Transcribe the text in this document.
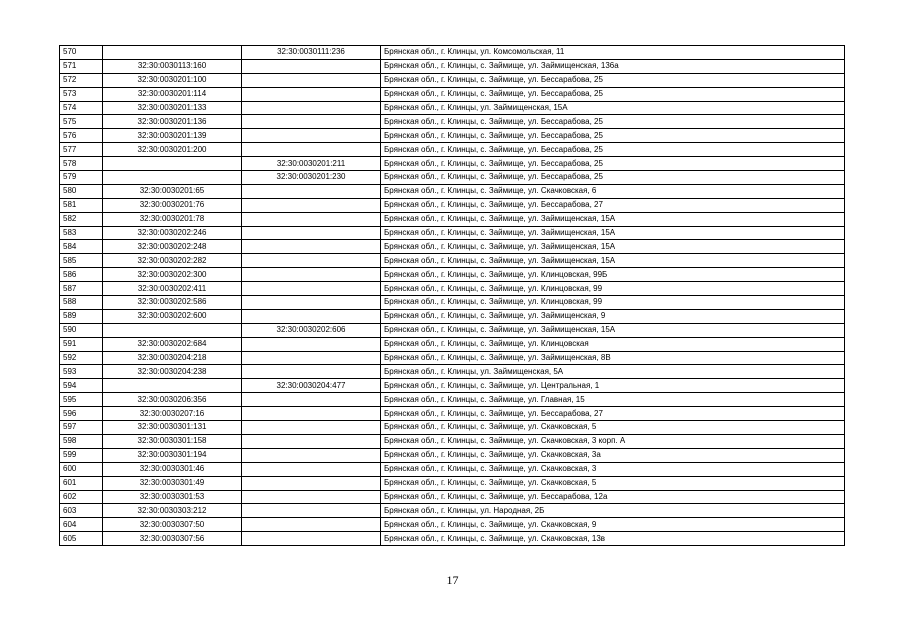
570		32:30:0030111:236	Брянская обл., г. Клинцы, ул. Комсомольская, 11
571	32:30:0030113:160		Брянская обл., г. Клинцы, с. Займище, ул. Займищенская, 136а
572	32:30:0030201:100		Брянская обл., г. Клинцы, с. Займище, ул. Бессарабова, 25
573	32:30:0030201:114		Брянская обл., г. Клинцы, с. Займище, ул. Бессарабова, 25
574	32:30:0030201:133		Брянская обл., г. Клинцы, ул. Займищенская, 15А
575	32:30:0030201:136		Брянская обл., г. Клинцы, с. Займище, ул. Бессарабова, 25
576	32:30:0030201:139		Брянская обл., г. Клинцы, с. Займище, ул. Бессарабова, 25
577	32:30:0030201:200		Брянская обл., г. Клинцы, с. Займище, ул. Бессарабова, 25
578		32:30:0030201:211	Брянская обл., г. Клинцы, с. Займище, ул. Бессарабова, 25
579		32:30:0030201:230	Брянская обл., г. Клинцы, с. Займище, ул. Бессарабова, 25
580	32:30:0030201:65		Брянская обл., г. Клинцы, с. Займище, ул. Скачковская, 6
581	32:30:0030201:76		Брянская обл., г. Клинцы, с. Займище, ул. Бессарабова, 27
582	32:30:0030201:78		Брянская обл., г. Клинцы, с. Займище, ул. Займищенская, 15А
583	32:30:0030202:246		Брянская обл., г. Клинцы, с. Займище, ул. Займищенская, 15А
584	32:30:0030202:248		Брянская обл., г. Клинцы, с. Займище, ул. Займищенская, 15А
585	32:30:0030202:282		Брянская обл., г. Клинцы, с. Займище, ул. Займищенская, 15А
586	32:30:0030202:300		Брянская обл., г. Клинцы, с. Займище, ул. Клинцовская, 99Б
587	32:30:0030202:411		Брянская обл., г. Клинцы, с. Займище, ул. Клинцовская, 99
588	32:30:0030202:586		Брянская обл., г. Клинцы, с. Займище, ул. Клинцовская, 99
589	32:30:0030202:600		Брянская обл., г. Клинцы, с. Займище, ул. Займищенская, 9
590		32:30:0030202:606	Брянская обл., г. Клинцы, с. Займище, ул. Займищенская, 15А
591	32:30:0030202:684		Брянская обл., г. Клинцы, с. Займище, ул. Клинцовская
592	32:30:0030204:218		Брянская обл., г. Клинцы, с. Займище, ул. Займищенская, 8В
593	32:30:0030204:238		Брянская обл., г. Клинцы, ул. Займищенская, 5А
594		32:30:0030204:477	Брянская обл., г. Клинцы, с. Займище, ул. Центральная, 1
595	32:30:0030206:356		Брянская обл., г. Клинцы, с. Займище, ул. Главная, 15
596	32:30:0030207:16		Брянская обл., г. Клинцы, с. Займище, ул. Бессарабова, 27
597	32:30:0030301:131		Брянская обл., г. Клинцы, с. Займище, ул. Скачковская, 5
598	32:30:0030301:158		Брянская обл., г. Клинцы, с. Займище, ул. Скачковская, 3 корп. А
599	32:30:0030301:194		Брянская обл., г. Клинцы, с. Займище, ул. Скачковская, 3а
600	32:30:0030301:46		Брянская обл., г. Клинцы, с. Займище, ул. Скачковская, 3
601	32:30:0030301:49		Брянская обл., г. Клинцы, с. Займище, ул. Скачковская, 5
602	32:30:0030301:53		Брянская обл., г. Клинцы, с. Займище, ул. Бессарабова, 12а
603	32:30:0030303:212		Брянская обл., г. Клинцы, ул. Народная, 2Б
604	32:30:0030307:50		Брянская обл., г. Клинцы, с. Займище, ул. Скачковская, 9
605	32:30:0030307:56		Брянская обл., г. Клинцы, с. Займище, ул. Скачковская, 13в
17
